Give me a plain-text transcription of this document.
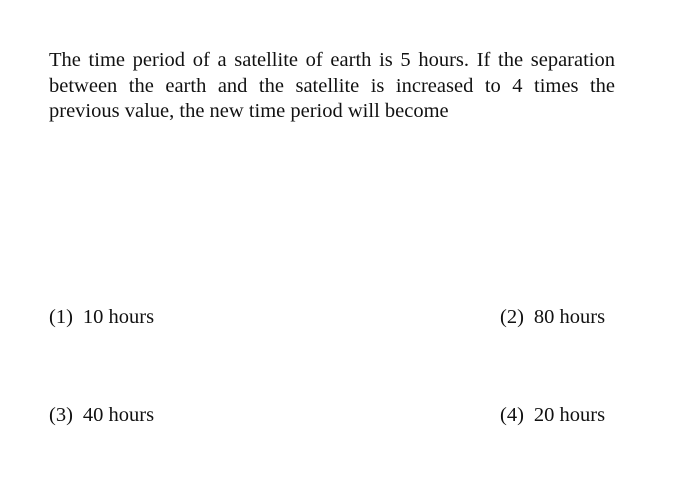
The time period of a satellite of earth is 5 hours. If the separation between the earth and the satellite is increased to 4 times the previous value, the new time period will become
(1) 10 hours	(2) 80 hours
(3) 40 hours	(4) 20 hours
